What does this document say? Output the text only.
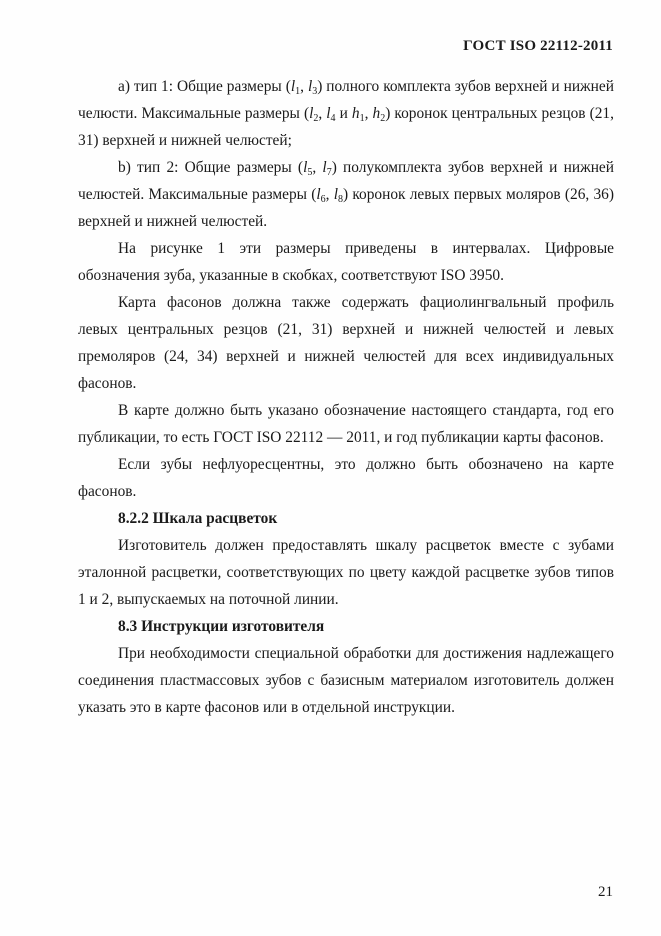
ГОСТ ISO 22112-2011

а) тип 1: Общие размеры ($l_1$, $l_3$) полного комплекта зубов верхней и нижней челюсти. Максимальные размеры ($l_2$, $l_4$ и $h_1$, $h_2$) коронок центральных резцов (21, 31) верхней и нижней челюстей;

b) тип 2: Общие размеры ($l_5$, $l_7$) полукомплекта зубов верхней и нижней челюстей. Максимальные размеры ($l_6$, $l_8$) коронок левых первых моляров (26, 36) верхней и нижней челюстей.

На рисунке 1 эти размеры приведены в интервалах. Цифровые обозначения зуба, указанные в скобках, соответствуют ISO 3950.

Карта фасонов должна также содержать фациолингвальный профиль левых центральных резцов (21, 31) верхней и нижней челюстей и левых премоляров (24, 34) верхней и нижней челюстей для всех индивидуальных фасонов.

В карте должно быть указано обозначение настоящего стандарта, год его публикации, то есть ГОСТ ISO 22112 — 2011, и год публикации карты фасонов.

Если зубы нефлуоресцентны, это должно быть обозначено на карте фасонов.

8.2.2 Шкала расцветок

Изготовитель должен предоставлять шкалу расцветок вместе с зубами эталонной расцветки, соответствующих по цвету каждой расцветке зубов типов 1 и 2, выпускаемых на поточной линии.

8.3 Инструкции изготовителя

При необходимости специальной обработки для достижения надлежащего соединения пластмассовых зубов с базисным материалом изготовитель должен указать это в карте фасонов или в отдельной инструкции.

21
